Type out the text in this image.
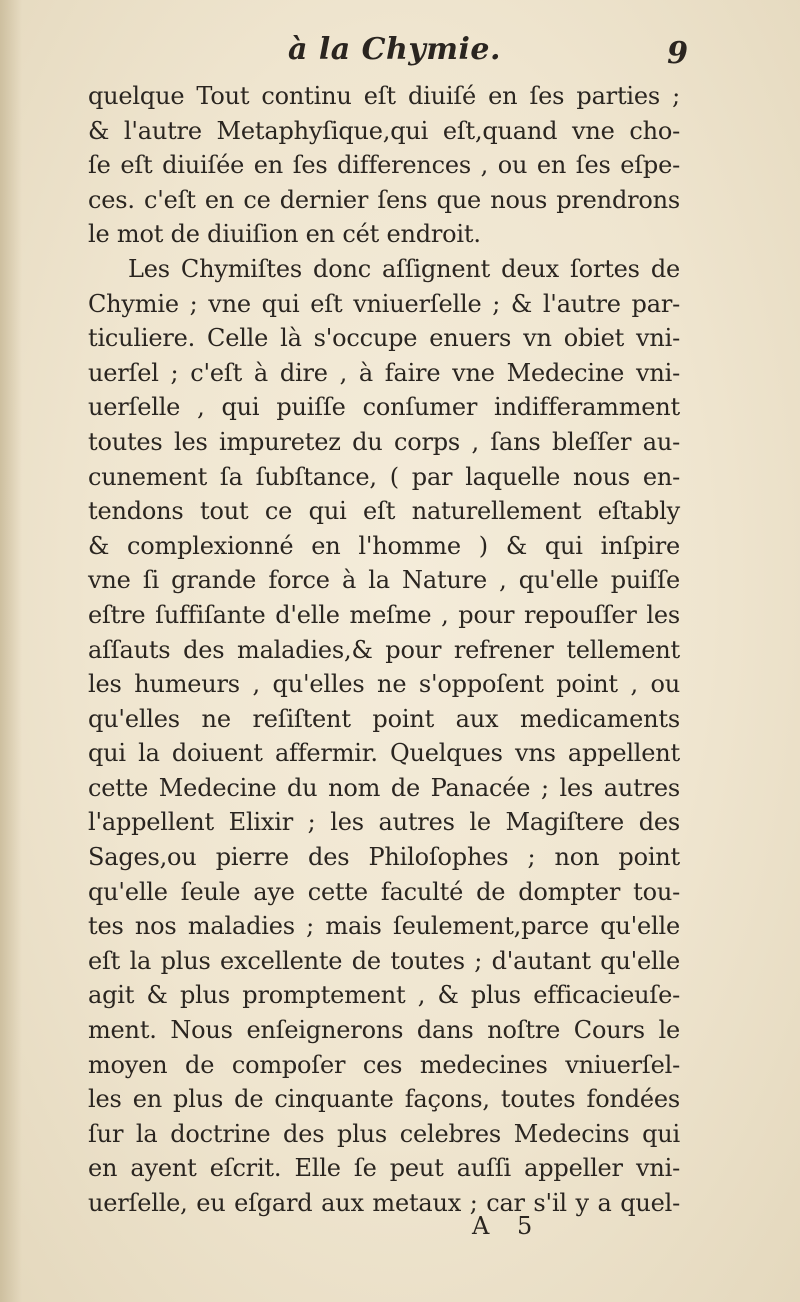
à la Chymie.	9
quelque Tout continu eſt diuiſé en ſes parties ;
& l'autre Metaphyſique,qui eſt,quand vne cho-
ſe eſt diuiſée en ſes differences , ou en ſes eſpe-
ces. c'eſt en ce dernier ſens que nous prendrons
le mot de diuiſion en cét endroit.
Les Chymiſtes donc aſſignent deux ſortes de
Chymie ; vne qui eſt vniuerſelle ; & l'autre par-
ticuliere. Celle là s'occupe enuers vn obiet vni-
uerſel ; c'eſt à dire , à faire vne Medecine vni-
uerſelle , qui puiſſe conſumer indifferamment
toutes les impuretez du corps , ſans bleſſer au-
cunement ſa ſubſtance, ( par laquelle nous en-
tendons tout ce qui eſt naturellement eſtably
& complexionné en l'homme ) & qui inſpire
vne ſi grande force à la Nature , qu'elle puiſſe
eſtre ſuffiſante d'elle meſme , pour repouſſer les
aſſauts des maladies,& pour refrener tellement
les humeurs , qu'elles ne s'oppoſent point , ou
qu'elles ne reſiſtent point aux medicaments
qui la doiuent affermir. Quelques vns appellent
cette Medecine du nom de Panacée ; les autres
l'appellent Elixir ; les autres le Magiſtere des
Sages,ou pierre des Philoſophes ; non point
qu'elle ſeule aye cette faculté de dompter tou-
tes nos maladies ; mais ſeulement,parce qu'elle
eſt la plus excellente de toutes ; d'autant qu'elle
agit & plus promptement , & plus efficacieuſe-
ment. Nous enſeignerons dans noſtre Cours le
moyen de compoſer ces medecines vniuerſel-
les en plus de cinquante façons, toutes fondées
ſur la doctrine des plus celebres Medecins qui
en ayent eſcrit. Elle ſe peut auſſi appeller vni-
uerſelle, eu eſgard aux metaux ; car s'il y a quel-
A 5
